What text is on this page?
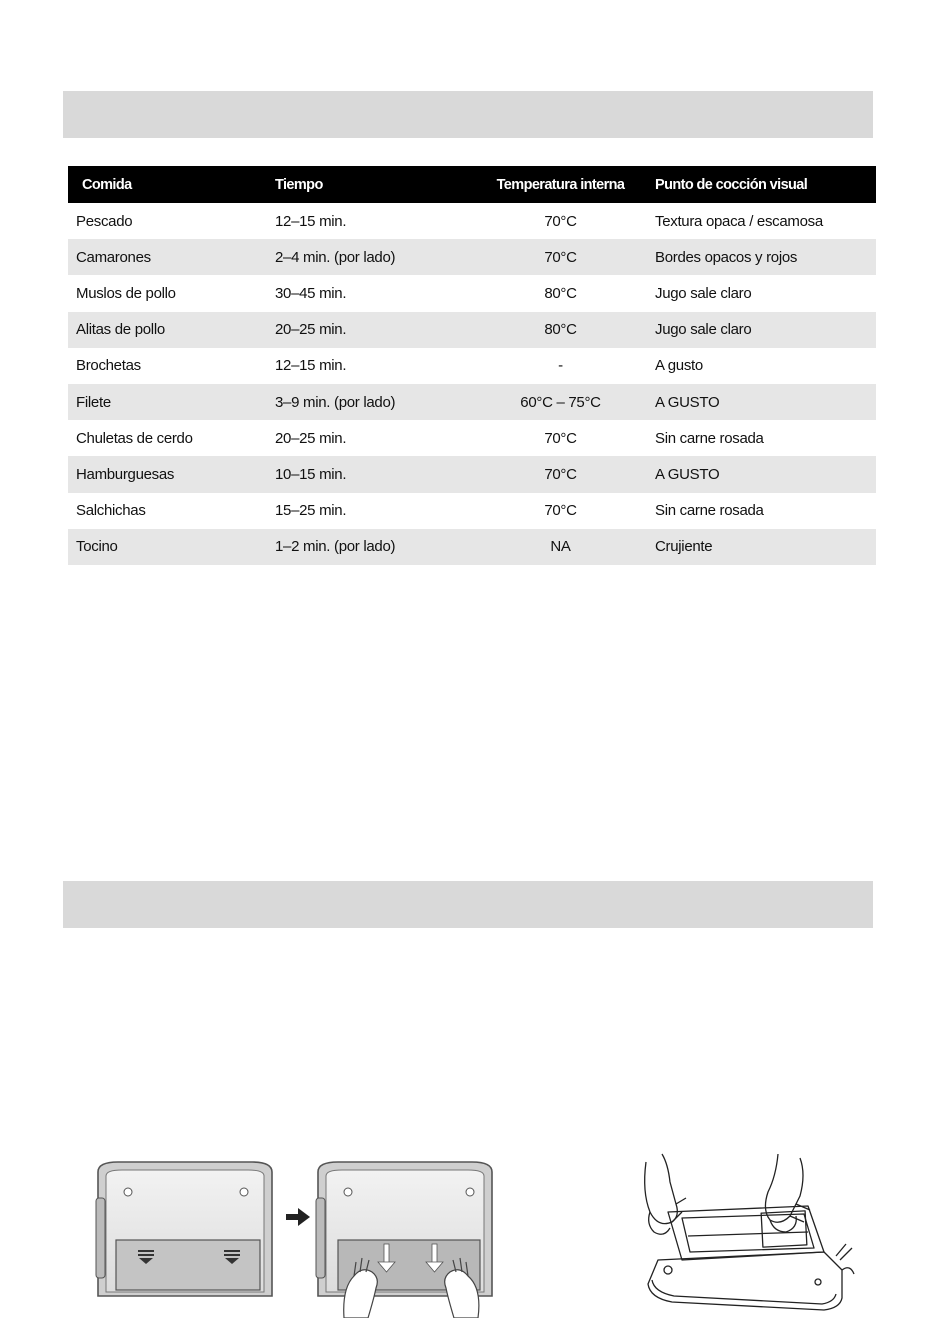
Comida	Tiempo	Temperatura interna	Punto de cocción visual
Pescado	12–15 min.	70°C	Textura opaca / escamosa
Camarones	2–4 min. (por lado)	70°C	Bordes opacos y rojos
Muslos de pollo	30–45 min.	80°C	Jugo sale claro
Alitas de pollo	20–25 min.	80°C	Jugo sale claro
Brochetas	12–15 min.	-	A gusto
Filete	3–9 min. (por lado)	60°C – 75°C	A GUSTO
Chuletas de cerdo	20–25 min.	70°C	Sin carne rosada
Hamburguesas	10–15 min.	70°C	A GUSTO
Salchichas	15–25 min.	70°C	Sin carne rosada
Tocino	1–2 min. (por lado)	NA	Crujiente
